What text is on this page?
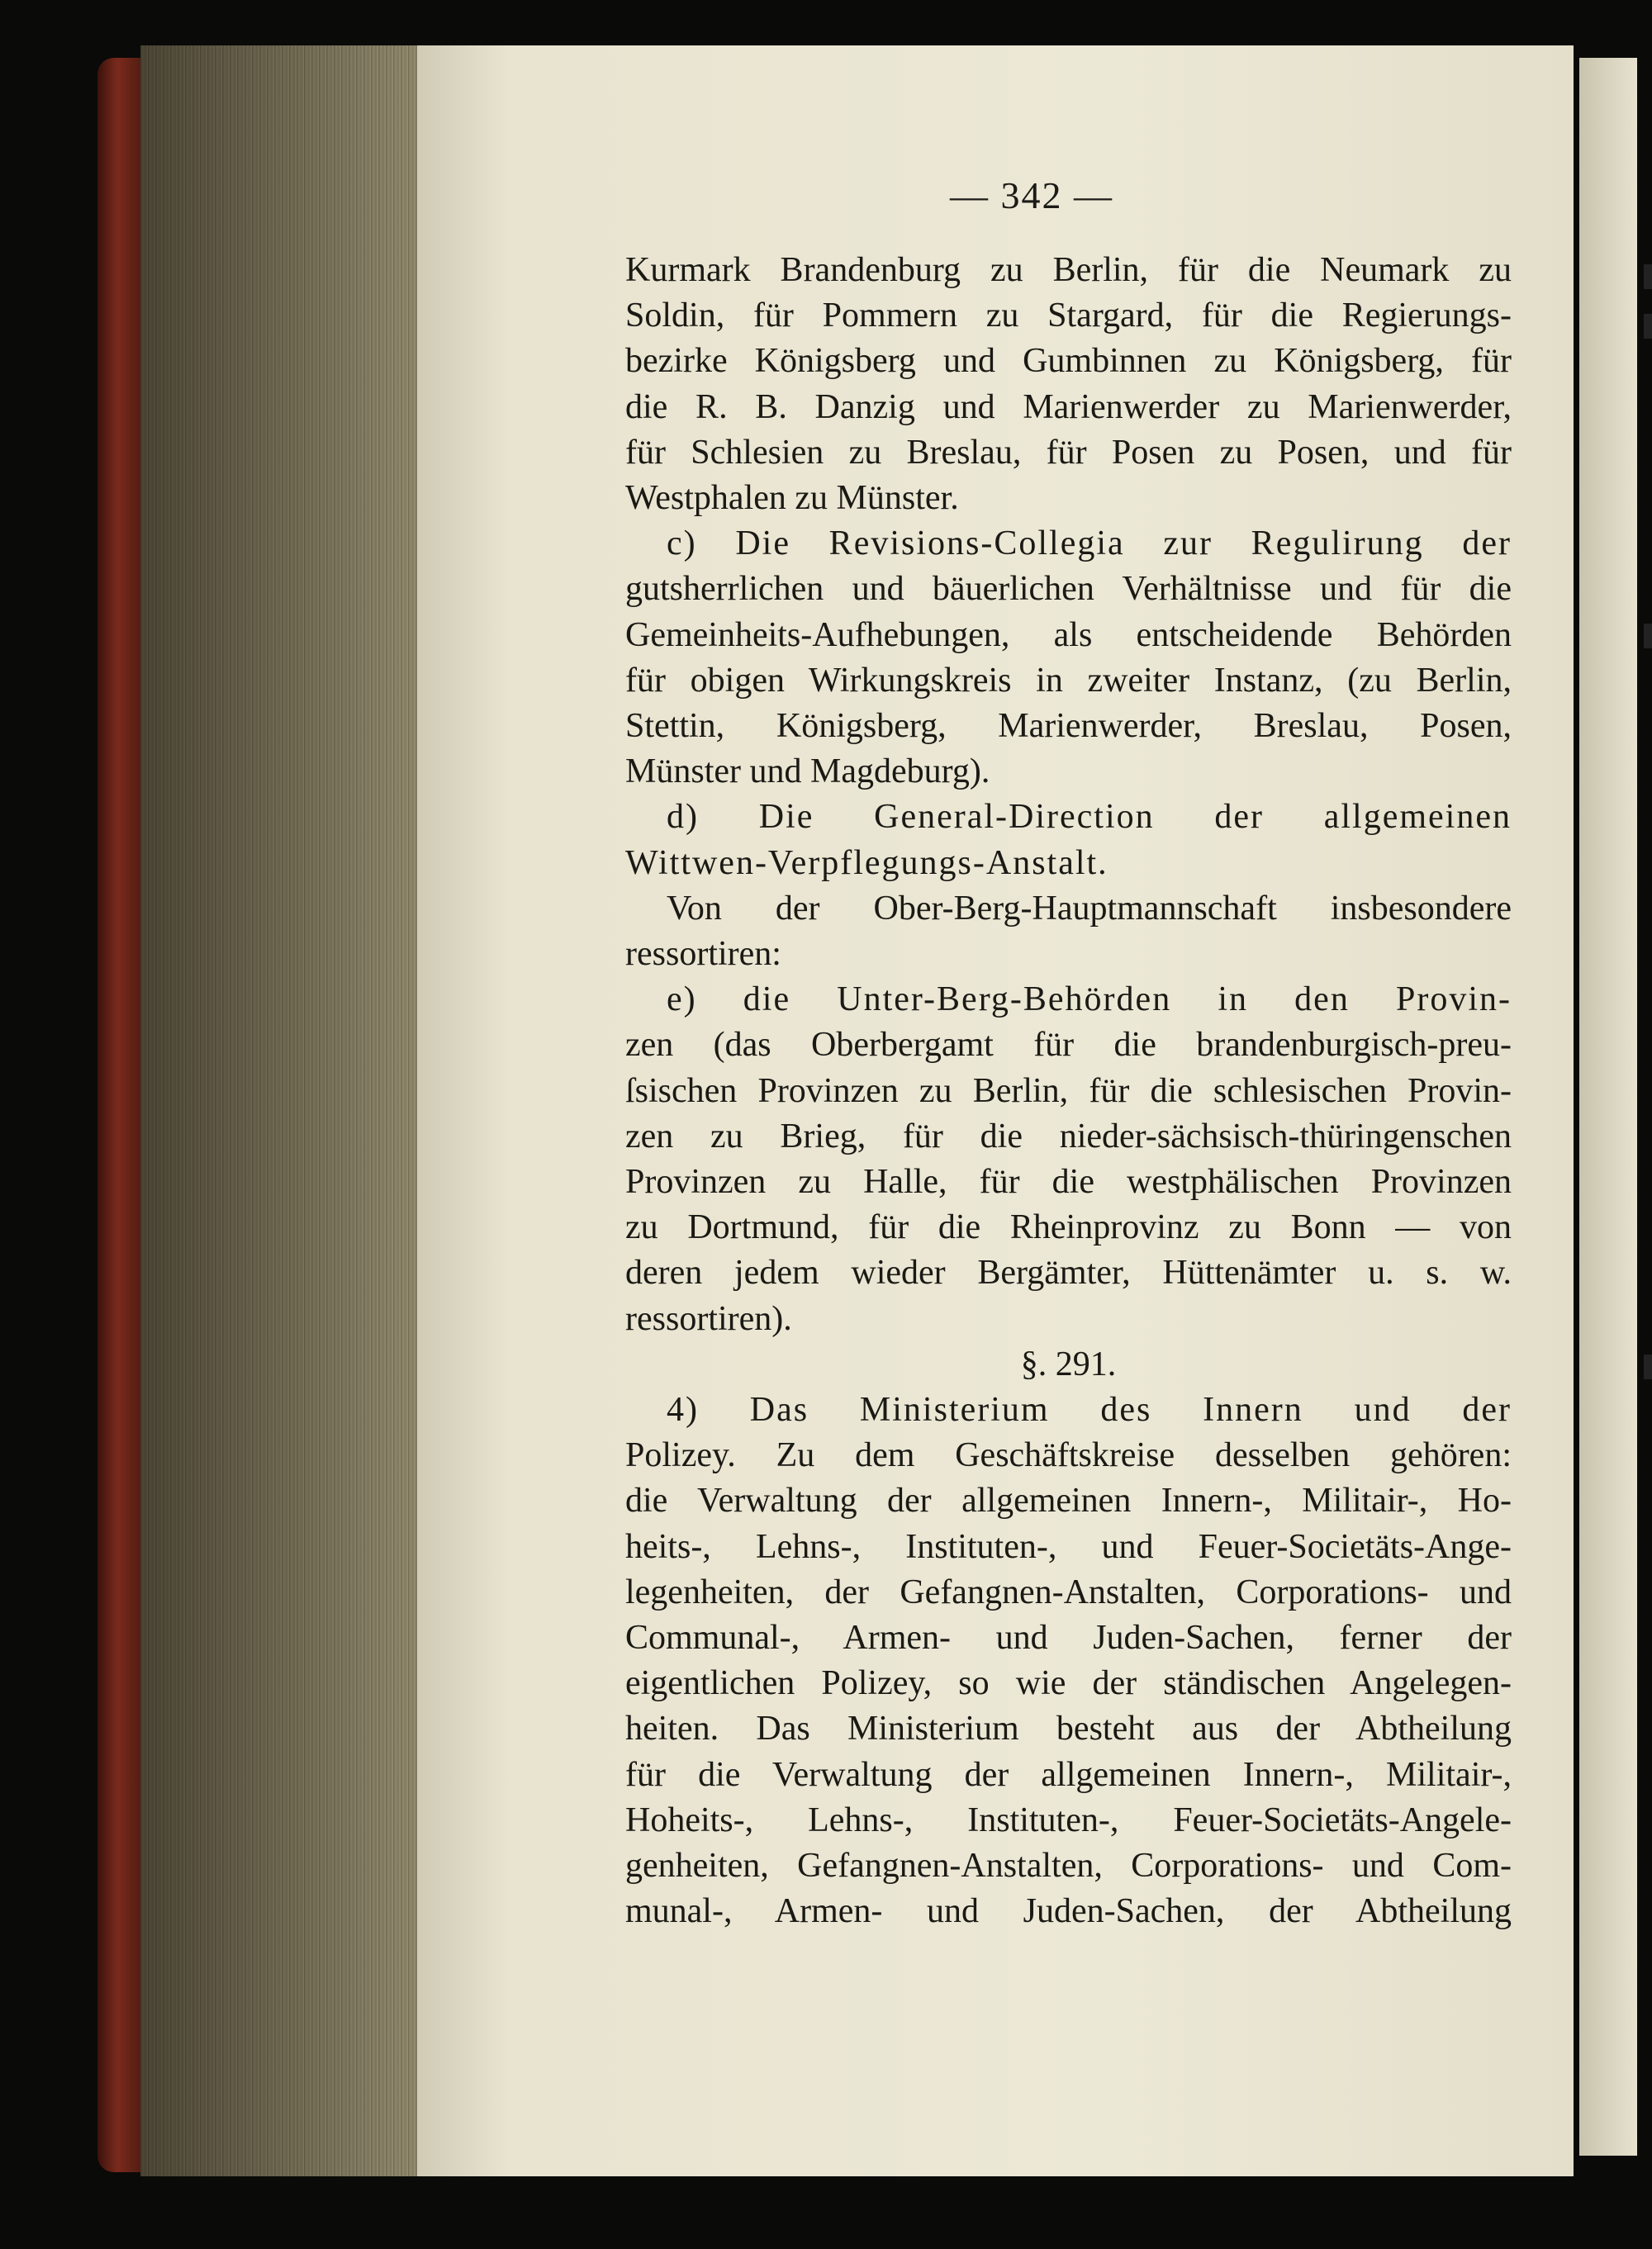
— 342 —
Kurmark Brandenburg zu Berlin, für die Neumark zu
Soldin, für Pommern zu Stargard, für die Regierungs-
bezirke Königsberg und Gumbinnen zu Königsberg, für
die R. B. Danzig und Marienwerder zu Marienwerder,
für Schlesien zu Breslau, für Posen zu Posen, und für
Westphalen zu Münster.
c) Die Revisions-Collegia zur Regulirung der
gutsherrlichen und bäuerlichen Verhältnisse und für die
Gemeinheits-Aufhebungen, als entscheidende Behörden
für obigen Wirkungskreis in zweiter Instanz, (zu Berlin,
Stettin, Königsberg, Marienwerder, Breslau, Posen,
Münster und Magdeburg).
d) Die General-Direction der allgemeinen
Wittwen-Verpflegungs-Anstalt.
Von der Ober-Berg-Hauptmannschaft insbesondere
ressortiren:
e) die Unter-Berg-Behörden in den Provin-
zen (das Oberbergamt für die brandenburgisch-preu-
ſsischen Provinzen zu Berlin, für die schlesischen Provin-
zen zu Brieg, für die nieder-sächsisch-thüringenschen
Provinzen zu Halle, für die westphälischen Provinzen
zu Dortmund, für die Rheinprovinz zu Bonn — von
deren jedem wieder Bergämter, Hüttenämter u. s. w.
ressortiren).
§. 291.
4) Das Ministerium des Innern und der
Polizey. Zu dem Geschäftskreise desselben gehören:
die Verwaltung der allgemeinen Innern-, Militair-, Ho-
heits-, Lehns-, Instituten-, und Feuer-Societäts-Ange-
legenheiten, der Gefangnen-Anstalten, Corporations- und
Communal-, Armen- und Juden-Sachen, ferner der
eigentlichen Polizey, so wie der ständischen Angelegen-
heiten. Das Ministerium besteht aus der Abtheilung
für die Verwaltung der allgemeinen Innern-, Militair-,
Hoheits-, Lehns-, Instituten-, Feuer-Societäts-Angele-
genheiten, Gefangnen-Anstalten, Corporations- und Com-
munal-, Armen- und Juden-Sachen, der Abtheilung
